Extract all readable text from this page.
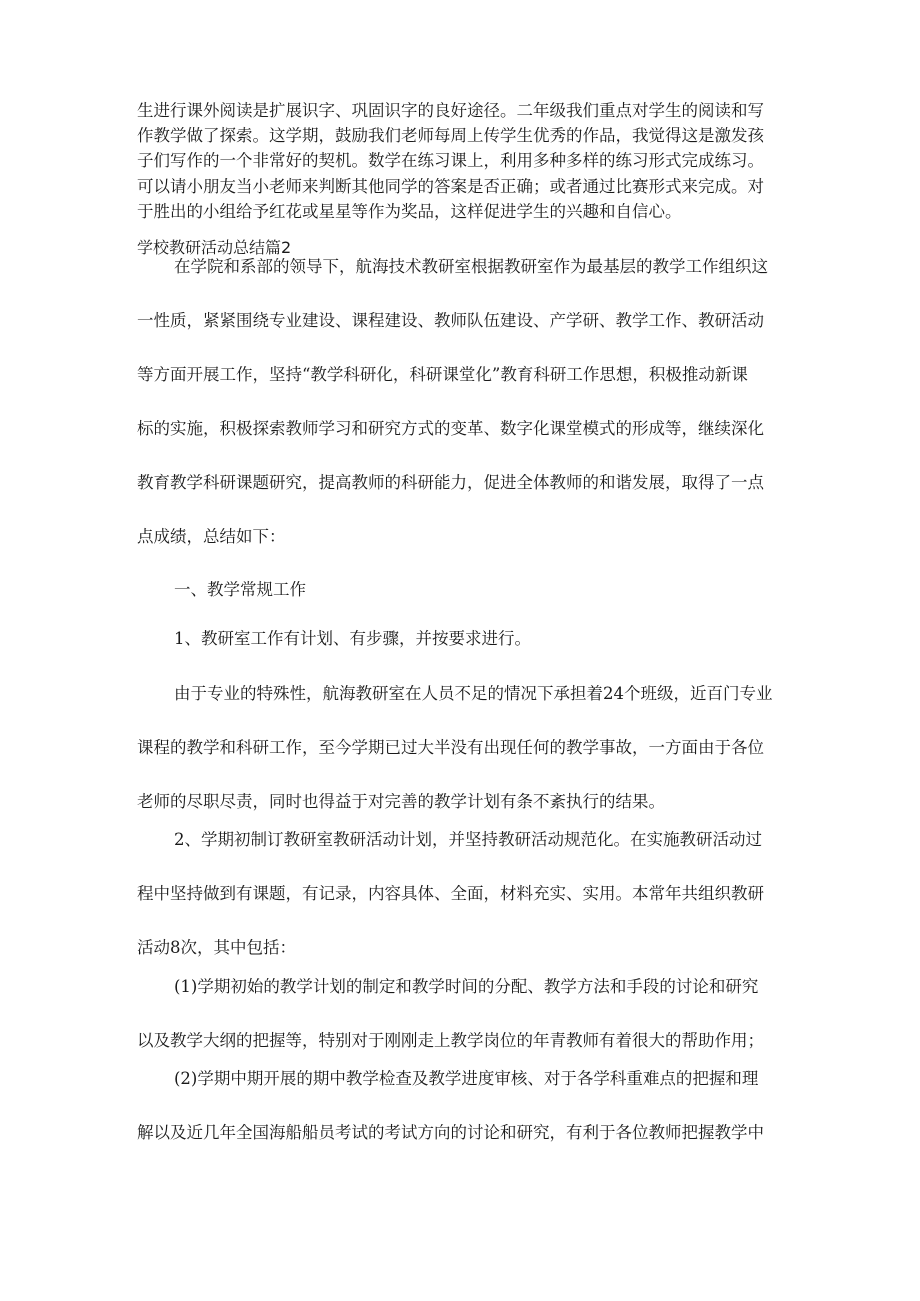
生进行课外阅读是扩展识字、巩固识字的良好途径。二年级我们重点对学生的阅读和写

作教学做了探索。这学期，鼓励我们老师每周上传学生优秀的作品，我觉得这是激发孩

子们写作的一个非常好的契机。数学在练习课上，利用多种多样的练习形式完成练习。

可以请小朋友当小老师来判断其他同学的答案是否正确；或者通过比赛形式来完成。对

于胜出的小组给予红花或星星等作为奖品，这样促进学生的兴趣和自信心。

学校教研活动总结篇2
在学院和系部的领导下，航海技术教研室根据教研室作为最基层的教学工作组织这
一性质，紧紧围绕专业建设、课程建设、教师队伍建设、产学研、教学工作、教研活动
等方面开展工作，坚持“教学科研化，科研课堂化”教育科研工作思想，积极推动新课
标的实施，积极探索教师学习和研究方式的变革、数字化课堂模式的形成等，继续深化
教育教学科研课题研究，提高教师的科研能力，促进全体教师的和谐发展，取得了一点
点成绩，总结如下：
一、教学常规工作
1、教研室工作有计划、有步骤，并按要求进行。
由于专业的特殊性，航海教研室在人员不足的情况下承担着24个班级，近百门专业
课程的教学和科研工作，至今学期已过大半没有出现任何的教学事故，一方面由于各位
老师的尽职尽责，同时也得益于对完善的教学计划有条不紊执行的结果。
2、学期初制订教研室教研活动计划，并坚持教研活动规范化。在实施教研活动过
程中坚持做到有课题，有记录，内容具体、全面，材料充实、实用。本常年共组织教研
活动8次，其中包括：
(1)学期初始的教学计划的制定和教学时间的分配、教学方法和手段的讨论和研究
以及教学大纲的把握等，特别对于刚刚走上教学岗位的年青教师有着很大的帮助作用；
(2)学期中期开展的期中教学检查及教学进度审核、对于各学科重难点的把握和理
解以及近几年全国海船船员考试的考试方向的讨论和研究，有利于各位教师把握教学中
